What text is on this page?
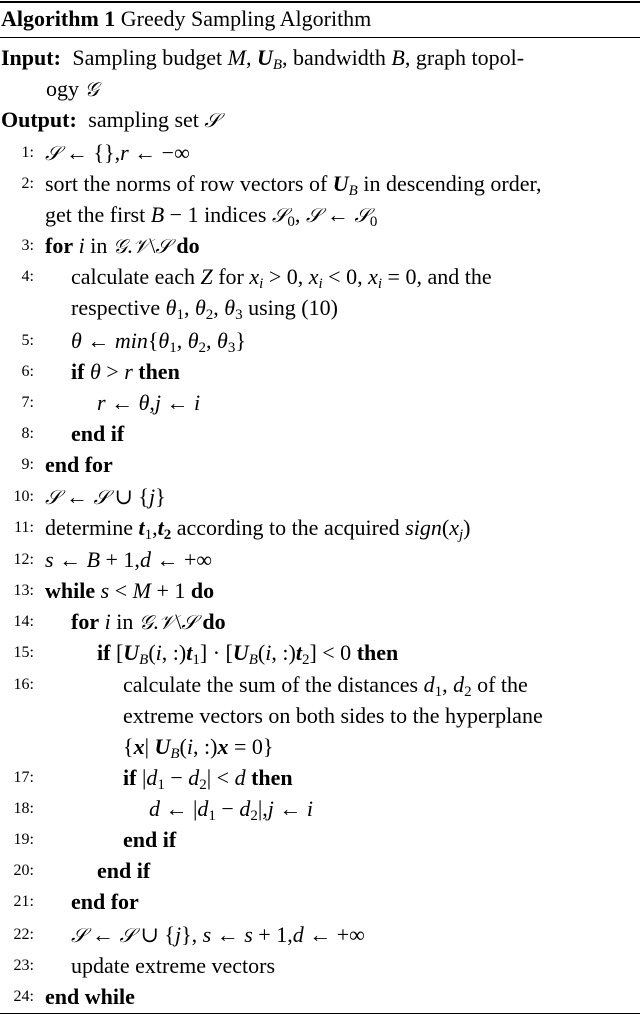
Algorithm 1 Greedy Sampling Algorithm
Input: Sampling budget M, $U_B$, bandwidth B, graph topol-
ogy 𝒢
Output: sampling set 𝒮
1: 𝒮 ← {},r ← −∞
2: sort the norms of row vectors of $U_B$ in descending order,
get the first B − 1 indices 𝒮$_0$, 𝒮 ← 𝒮$_0$
3: for i in 𝒢.𝒱\𝒮 do
4: calculate each Z for $x_i > 0$, $x_i < 0$, $x_i = 0$, and the
respective $\theta_1$, $\theta_2$, $\theta_3$ using (10)
5: θ ← $\min\{\theta_1$, $\theta_2$, $\theta_3$}
6: if θ > r then
7:	r ← θ,j ← i
8: end if
9: end for
10: 𝒮 ← 𝒮 ∪ {j}
11: determine $t_1,t_2$ according to the acquired $sign(x_j)$
12: s ← B + 1,d ← +∞
13: while s < M + 1 do
14: for i in 𝒢.𝒱\𝒮 do
15:	if [$U_B(i$, $:)t_1] \cdot [U_B(i$, $:)t_2] < 0$ then
16:	calculate the sum of the distances $d_1$, $d_2$ of the
extreme vectors on both sides to the hyperplane
{x| $U_B(i$, :)x = 0}
17:	if $|d_1 - d_2| < d$ then
18:	d ← $|d_1 - d_2|,j$ ← i
19:	end if
20:	end if
21: end for
22: 𝒮 ← 𝒮 ∪ {j}, s ← s + 1,d ← +∞
23: update extreme vectors
24: end while
